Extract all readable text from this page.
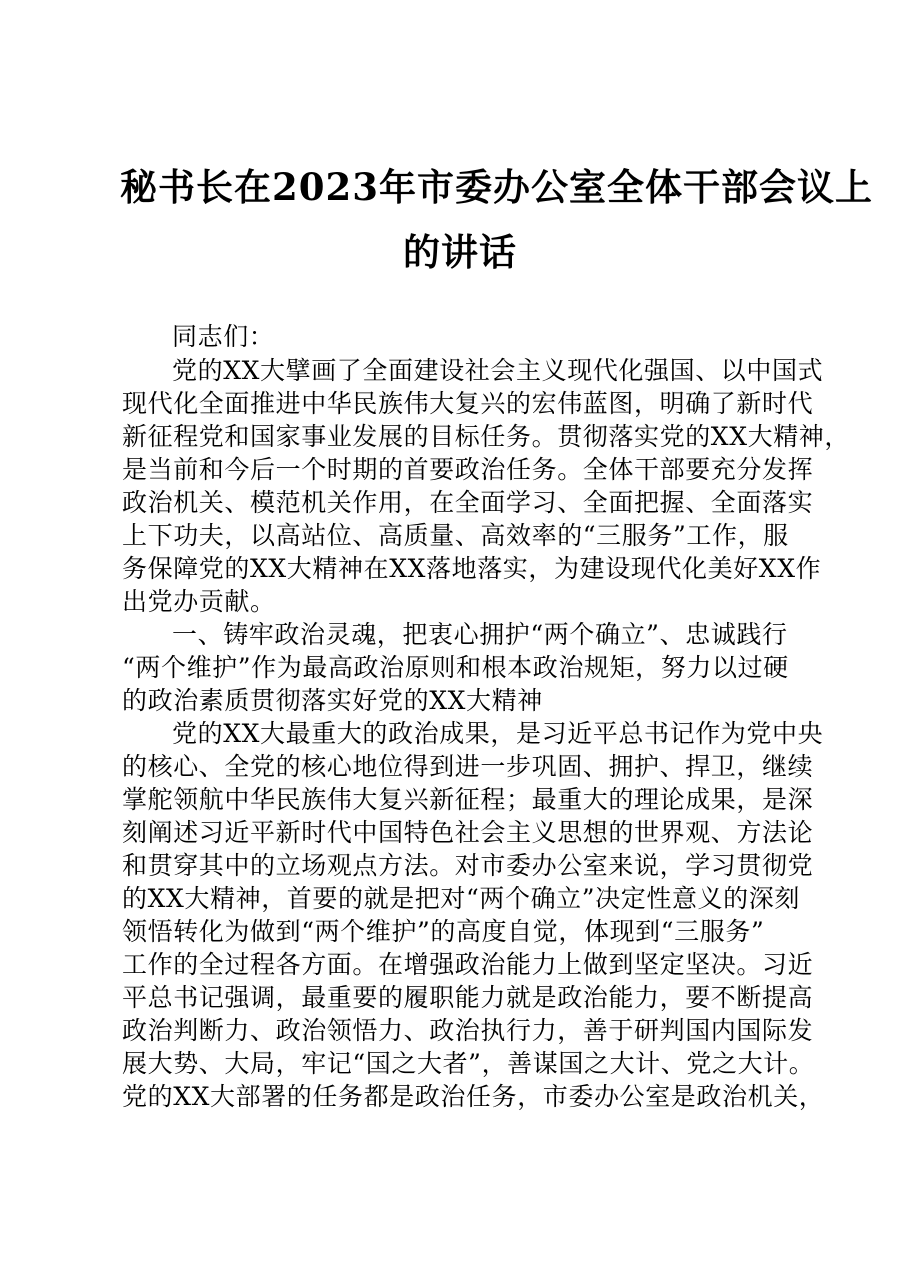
秘书长在2023年市委办公室全体干部会议上
的讲话

同志们：

党的XX大擘画了全面建设社会主义现代化强国、以中国式

现代化全面推进中华民族伟大复兴的宏伟蓝图，明确了新时代

新征程党和国家事业发展的目标任务。贯彻落实党的XX大精神，

是当前和今后一个时期的首要政治任务。全体干部要充分发挥

政治机关、模范机关作用，在全面学习、全面把握、全面落实

上下功夫，以高站位、高质量、高效率的“三服务”工作，服

务保障党的XX大精神在XX落地落实，为建设现代化美好XX作

出党办贡献。

一、铸牢政治灵魂，把衷心拥护“两个确立”、忠诚践行

“两个维护”作为最高政治原则和根本政治规矩，努力以过硬

的政治素质贯彻落实好党的XX大精神

党的XX大最重大的政治成果，是习近平总书记作为党中央

的核心、全党的核心地位得到进一步巩固、拥护、捍卫，继续

掌舵领航中华民族伟大复兴新征程；最重大的理论成果，是深

刻阐述习近平新时代中国特色社会主义思想的世界观、方法论

和贯穿其中的立场观点方法。对市委办公室来说，学习贯彻党

的XX大精神，首要的就是把对“两个确立”决定性意义的深刻

领悟转化为做到“两个维护”的高度自觉，体现到“三服务”

工作的全过程各方面。在增强政治能力上做到坚定坚决。习近

平总书记强调，最重要的履职能力就是政治能力，要不断提高

政治判断力、政治领悟力、政治执行力，善于研判国内国际发

展大势、大局，牢记“国之大者”，善谋国之大计、党之大计。

党的XX大部署的任务都是政治任务，市委办公室是政治机关，
